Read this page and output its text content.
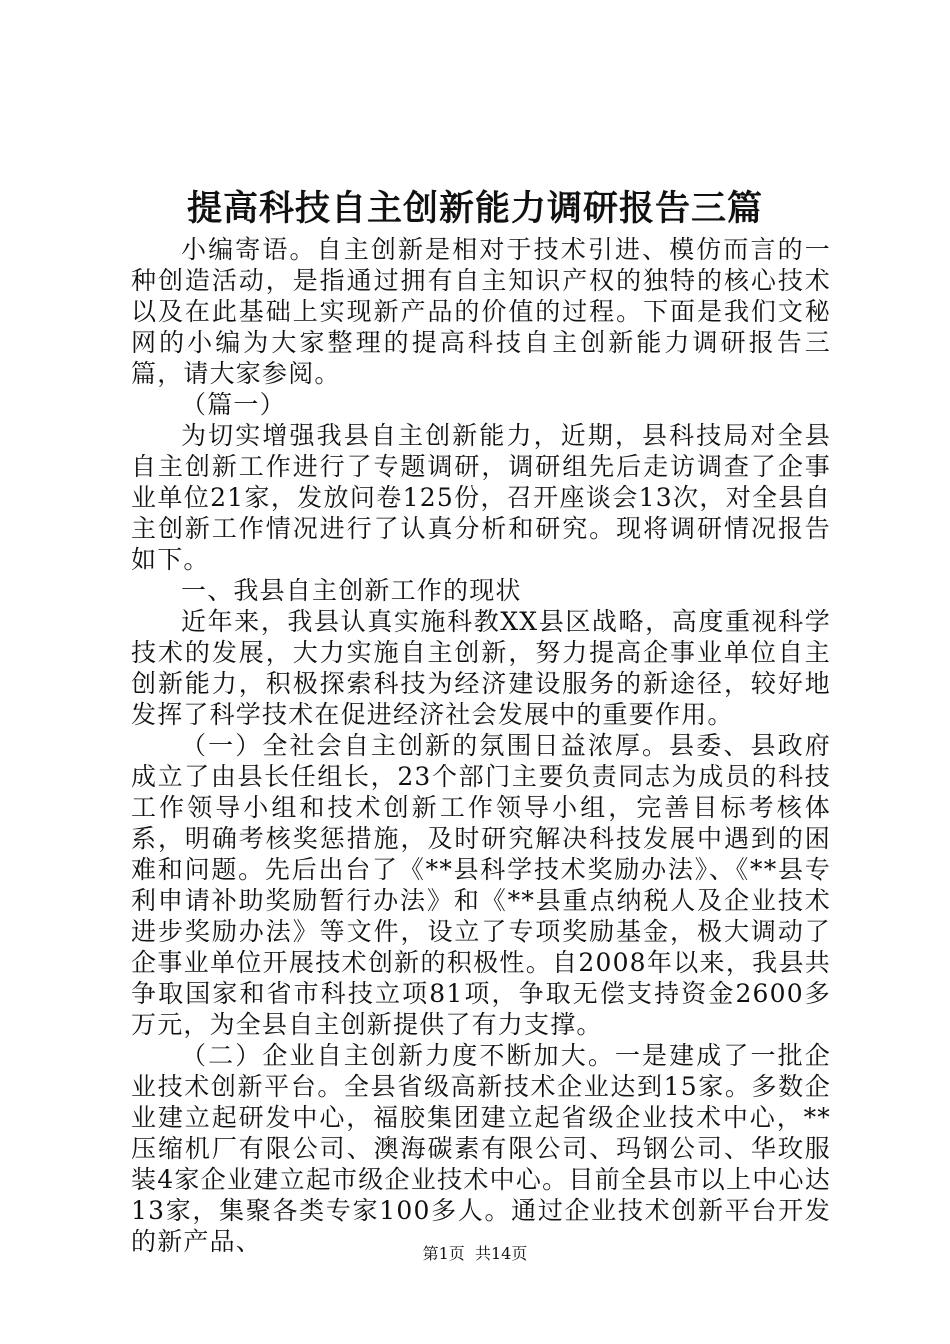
提高科技自主创新能力调研报告三篇

小编寄语。自主创新是相对于技术引进、模仿而言的一种创造活动，是指通过拥有自主知识产权的独特的核心技术以及在此基础上实现新产品的价值的过程。下面是我们文秘网的小编为大家整理的提高科技自主创新能力调研报告三篇，请大家参阅。

（篇一）

为切实增强我县自主创新能力，近期，县科技局对全县自主创新工作进行了专题调研，调研组先后走访调查了企事业单位21家，发放问卷125份，召开座谈会13次，对全县自主创新工作情况进行了认真分析和研究。现将调研情况报告如下。

一、我县自主创新工作的现状

近年来，我县认真实施科教XX县区战略，高度重视科学技术的发展，大力实施自主创新，努力提高企事业单位自主创新能力，积极探索科技为经济建设服务的新途径，较好地发挥了科学技术在促进经济社会发展中的重要作用。

（一）全社会自主创新的氛围日益浓厚。县委、县政府成立了由县长任组长，23个部门主要负责同志为成员的科技工作领导小组和技术创新工作领导小组，完善目标考核体系，明确考核奖惩措施，及时研究解决科技发展中遇到的困难和问题。先后出台了《**县科学技术奖励办法》、《**县专利申请补助奖励暂行办法》和《**县重点纳税人及企业技术进步奖励办法》等文件，设立了专项奖励基金，极大调动了企事业单位开展技术创新的积极性。自2008年以来，我县共争取国家和省市科技立项81项，争取无偿支持资金2600多万元，为全县自主创新提供了有力支撑。

（二）企业自主创新力度不断加大。一是建成了一批企业技术创新平台。全县省级高新技术企业达到15家。多数企业建立起研发中心，福胶集团建立起省级企业技术中心，**压缩机厂有限公司、澳海碳素有限公司、玛钢公司、华玫服装4家企业建立起市级企业技术中心。目前全县市以上中心达13家，集聚各类专家100多人。通过企业技术创新平台开发的新产品、	第1页 共14页
